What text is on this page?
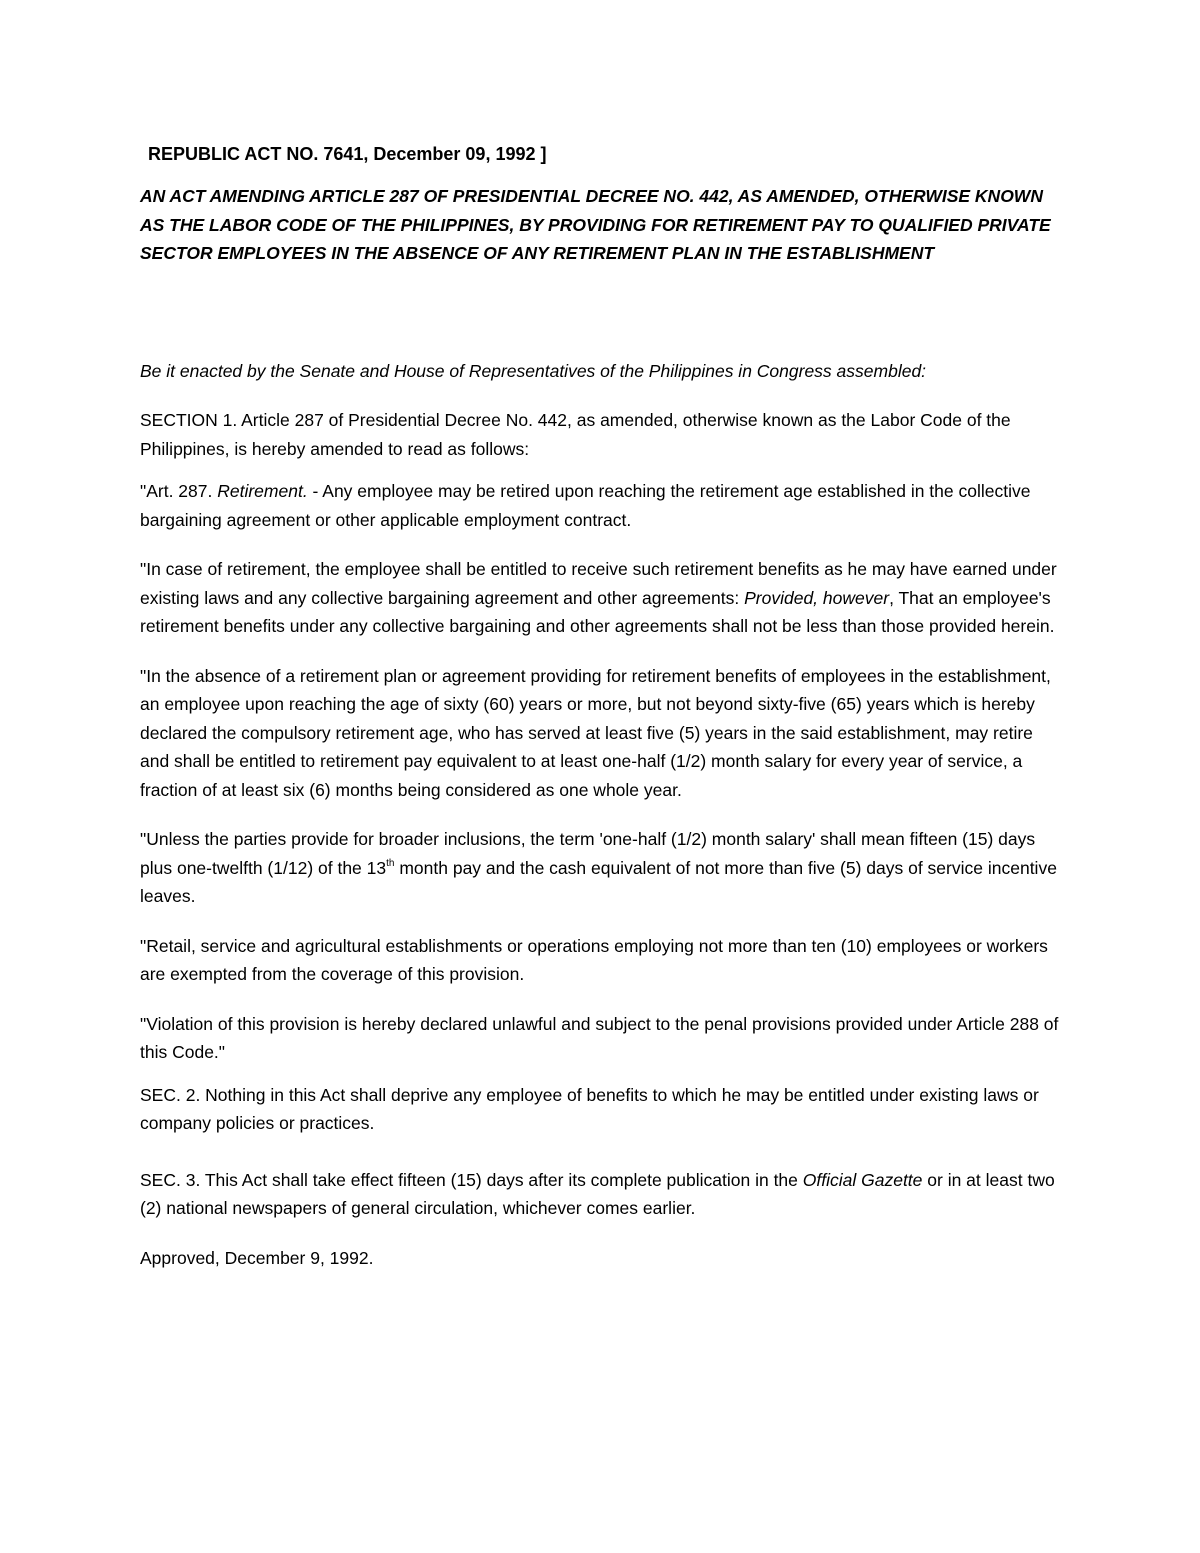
REPUBLIC ACT NO. 7641, December 09, 1992 ]
AN ACT AMENDING ARTICLE 287 OF PRESIDENTIAL DECREE NO. 442, AS AMENDED, OTHERWISE KNOWN AS THE LABOR CODE OF THE PHILIPPINES, BY PROVIDING FOR RETIREMENT PAY TO QUALIFIED PRIVATE SECTOR EMPLOYEES IN THE ABSENCE OF ANY RETIREMENT PLAN IN THE ESTABLISHMENT

Be it enacted by the Senate and House of Representatives of the Philippines in Congress assembled:

SECTION 1. Article 287 of Presidential Decree No. 442, as amended, otherwise known as the Labor Code of the Philippines, is hereby amended to read as follows:

"Art. 287. Retirement. - Any employee may be retired upon reaching the retirement age established in the collective bargaining agreement or other applicable employment contract.

"In case of retirement, the employee shall be entitled to receive such retirement benefits as he may have earned under existing laws and any collective bargaining agreement and other agreements: Provided, however, That an employee's retirement benefits under any collective bargaining and other agreements shall not be less than those provided herein.

"In the absence of a retirement plan or agreement providing for retirement benefits of employees in the establishment, an employee upon reaching the age of sixty (60) years or more, but not beyond sixty-five (65) years which is hereby declared the compulsory retirement age, who has served at least five (5) years in the said establishment, may retire and shall be entitled to retirement pay equivalent to at least one-half (1/2) month salary for every year of service, a fraction of at least six (6) months being considered as one whole year.

"Unless the parties provide for broader inclusions, the term 'one-half (1/2) month salary' shall mean fifteen (15) days plus one-twelfth (1/12) of the 13th month pay and the cash equivalent of not more than five (5) days of service incentive leaves.

"Retail, service and agricultural establishments or operations employing not more than ten (10) employees or workers are exempted from the coverage of this provision.

"Violation of this provision is hereby declared unlawful and subject to the penal provisions provided under Article 288 of this Code."

SEC. 2. Nothing in this Act shall deprive any employee of benefits to which he may be entitled under existing laws or company policies or practices.

SEC. 3. This Act shall take effect fifteen (15) days after its complete publication in the Official Gazette or in at least two (2) national newspapers of general circulation, whichever comes earlier.

Approved, December 9, 1992.
